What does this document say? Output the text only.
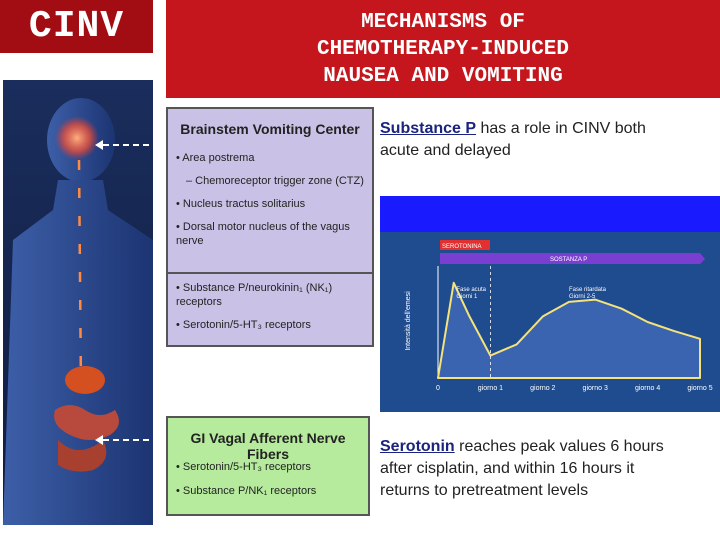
CINV	MECHANISMS OF
CHEMOTHERAPY-INDUCED
NAUSEA AND VOMITING
Brainstem Vomiting Center
• Area postrema
– Chemoreceptor trigger zone (CTZ)
• Nucleus tractus solitarius
• Dorsal motor nucleus of the vagus nerve
• Substance P/neurokinin₁ (NK₁) receptors
• Serotonin/5-HT₃ receptors
GI Vagal Afferent Nerve Fibers
• Serotonin/5-HT₃ receptors
• Substance P/NK₁ receptors
Substance P has a role in CINV both
acute and delayed
SEROTONINA
SOSTANZA P
0	giorno 1	giorno 2	giorno 3	giorno 4	giorno 5
Intensità dell'emesi
Fase acuta
Giorni 1
Fase ritardata
Giorni 2-5
Serotonin reaches peak values 6 hours
after cisplatin, and within 16 hours it
returns to pretreatment levels
